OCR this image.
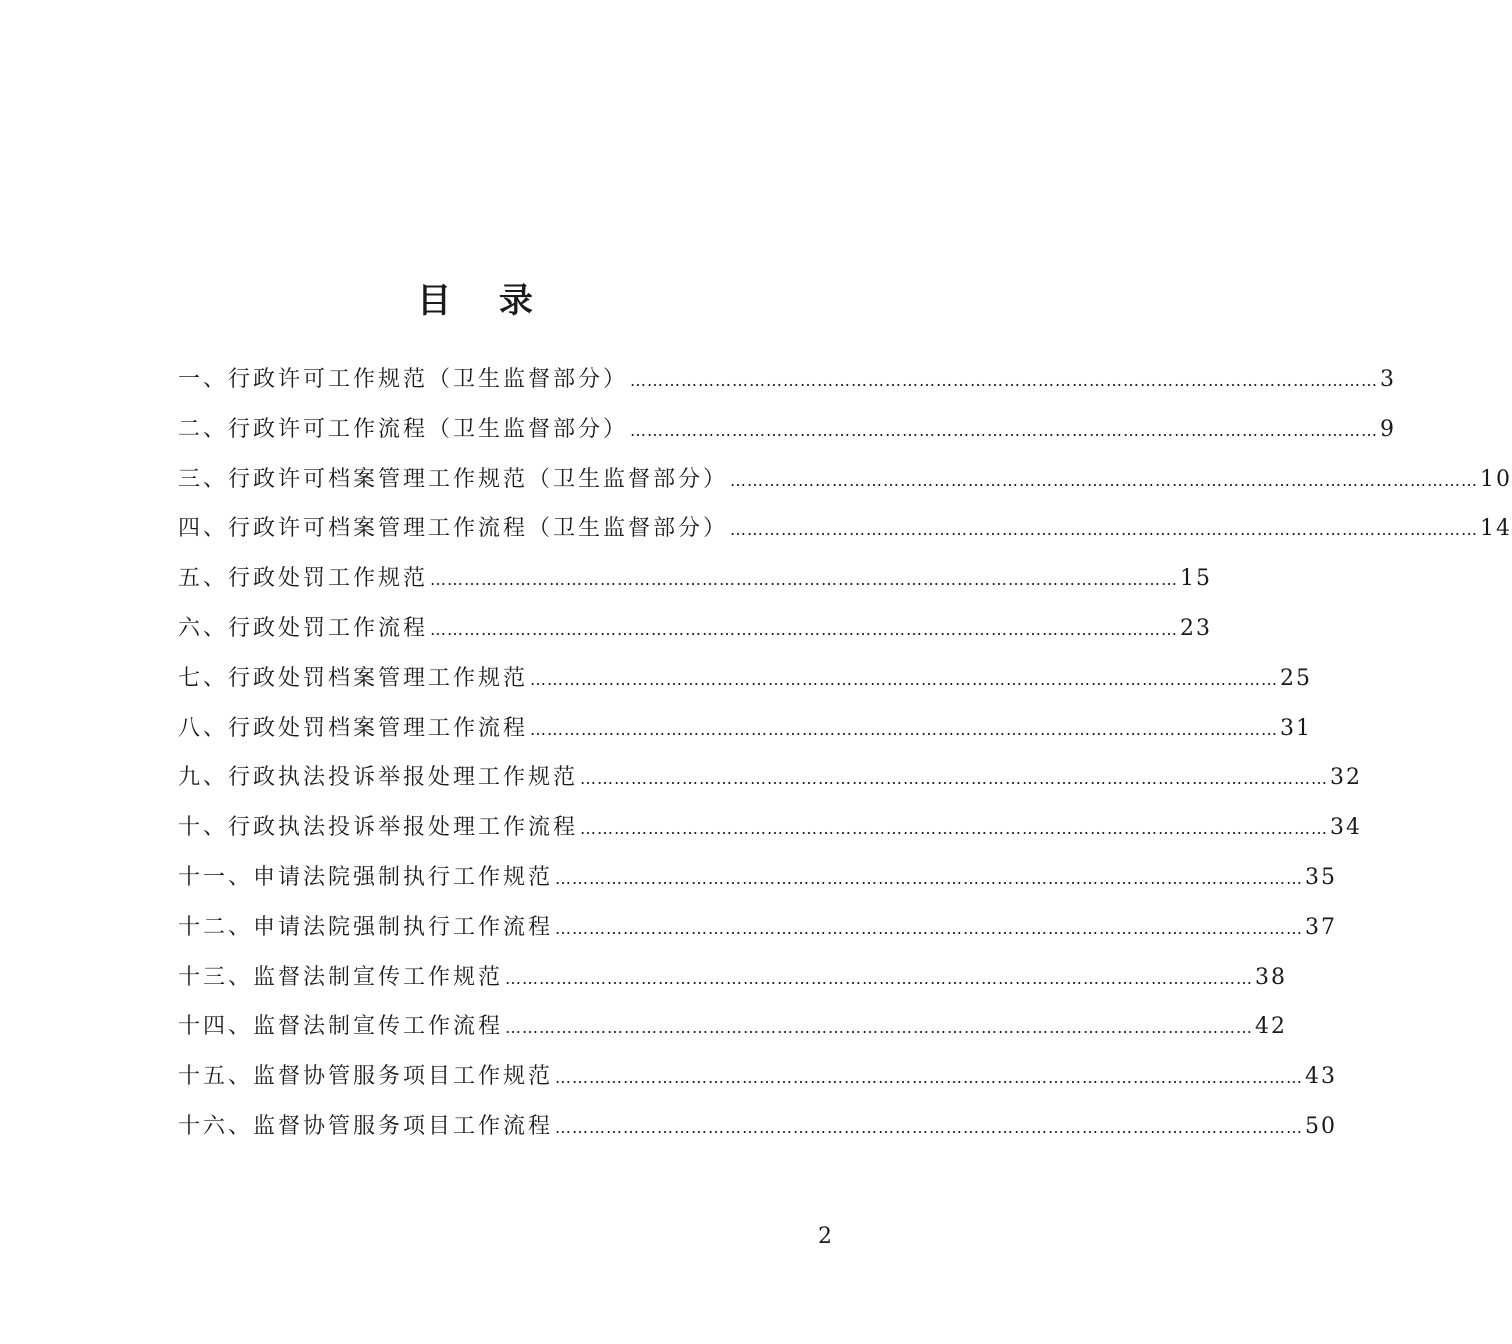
目 录
一、行政许可工作规范（卫生监督部分） …………………………………………………………………………………………………………………… 3
二、行政许可工作流程（卫生监督部分） …………………………………………………………………………………………………………………… 9
三、行政许可档案管理工作规范（卫生监督部分） …………………………………………………………………………………………………………………… 10
四、行政许可档案管理工作流程（卫生监督部分） …………………………………………………………………………………………………………………… 14
五、行政处罚工作规范 …………………………………………………………………………………………………………………… 15
六、行政处罚工作流程 …………………………………………………………………………………………………………………… 23
七、行政处罚档案管理工作规范 …………………………………………………………………………………………………………………… 25
八、行政处罚档案管理工作流程 …………………………………………………………………………………………………………………… 31
九、行政执法投诉举报处理工作规范 …………………………………………………………………………………………………………………… 32
十、行政执法投诉举报处理工作流程 …………………………………………………………………………………………………………………… 34
十一、申请法院强制执行工作规范 …………………………………………………………………………………………………………………… 35
十二、申请法院强制执行工作流程 …………………………………………………………………………………………………………………… 37
十三、监督法制宣传工作规范 …………………………………………………………………………………………………………………… 38
十四、监督法制宣传工作流程 …………………………………………………………………………………………………………………… 42
十五、监督协管服务项目工作规范 …………………………………………………………………………………………………………………… 43
十六、监督协管服务项目工作流程 …………………………………………………………………………………………………………………… 50
2
